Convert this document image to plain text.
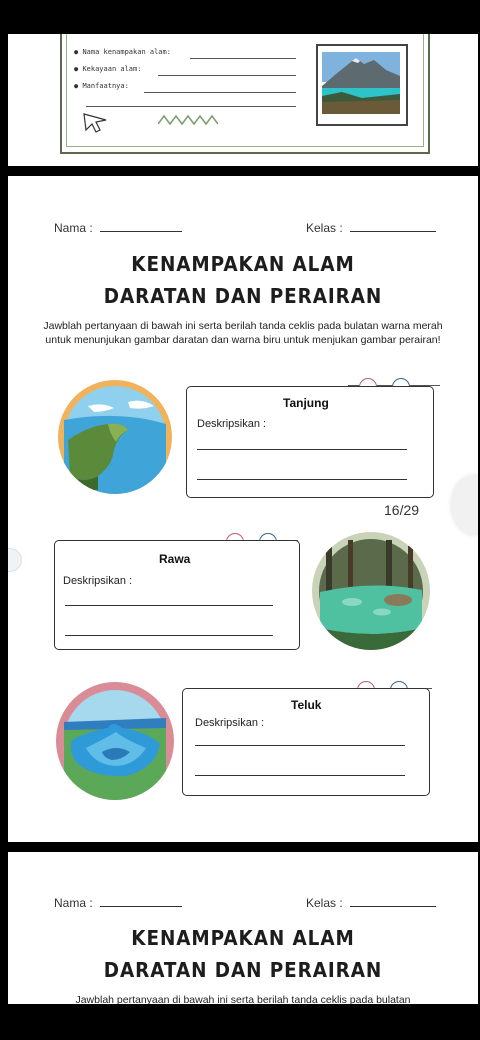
● Nama kenampakan alam:
● Kekayaan alam:
● Manfaatnya:
Nama :	Kelas :
KENAMPAKAN ALAM
DARATAN DAN PERAIRAN
Jawblah pertanyaan di bawah ini serta berilah tanda ceklis pada bulatan warna merah untuk menunjukan gambar daratan dan warna biru untuk menjukan gambar perairan!
Tanjung
Deskripsikan :
16/29
Rawa
Deskripsikan :
Teluk
Deskripsikan :
Nama :	Kelas :
KENAMPAKAN ALAM
DARATAN DAN PERAIRAN
Jawblah pertanyaan di bawah ini serta berilah tanda ceklis pada bulatan
